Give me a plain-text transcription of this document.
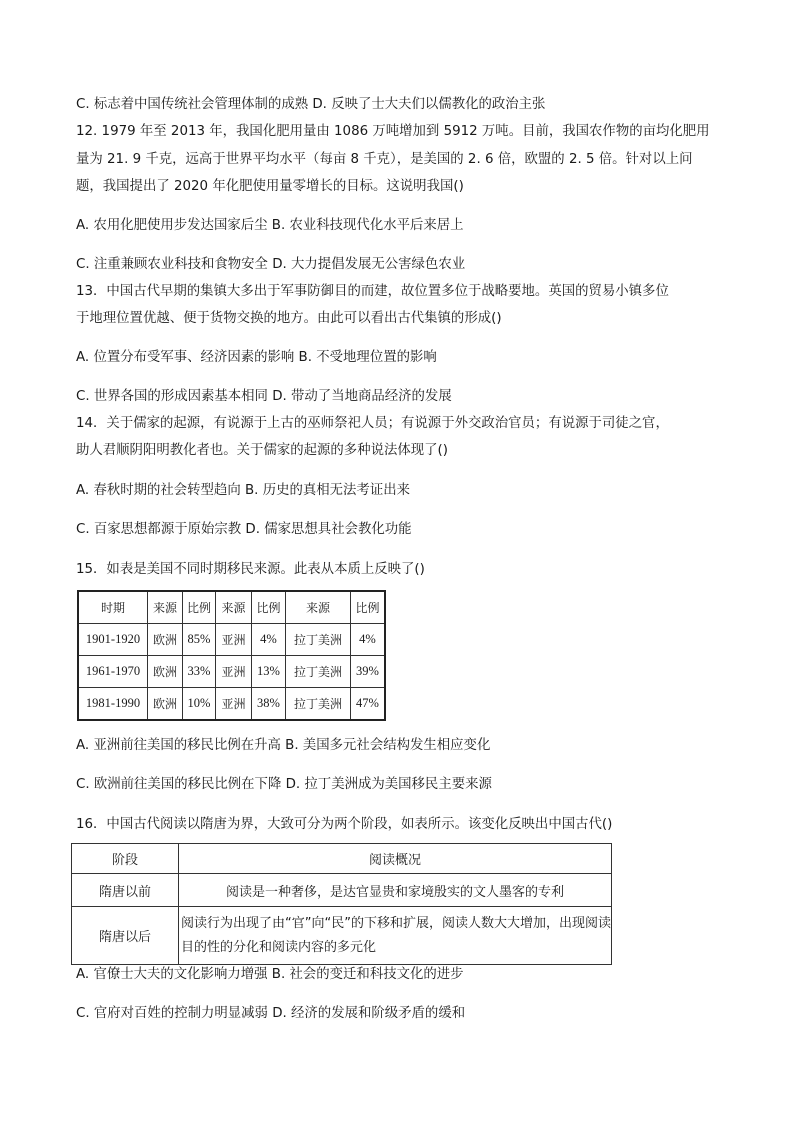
C. 标志着中国传统社会管理体制的成熟 D. 反映了士大夫们以儒教化的政治主张
12. 1979 年至 2013 年，我国化肥用量由 1086 万吨增加到 5912 万吨。目前，我国农作物的亩均化肥用
量为 21. 9 千克，远高于世界平均水平（每亩 8 千克），是美国的 2. 6 倍，欧盟的 2. 5 倍。针对以上问
题，我国提出了 2020 年化肥使用量零增长的目标。这说明我国()
A. 农用化肥使用步发达国家后尘 B. 农业科技现代化水平后来居上
C. 注重兼顾农业科技和食物安全 D. 大力提倡发展无公害绿色农业
13．中国古代早期的集镇大多出于军事防御目的而建，故位置多位于战略要地。英国的贸易小镇多位
于地理位置优越、便于货物交换的地方。由此可以看出古代集镇的形成()
A. 位置分布受军事、经济因素的影响 B. 不受地理位置的影响
C. 世界各国的形成因素基本相同 D. 带动了当地商品经济的发展
14．关于儒家的起源，有说源于上古的巫师祭祀人员；有说源于外交政治官员；有说源于司徒之官，
助人君顺阴阳明教化者也。关于儒家的起源的多种说法体现了()
A. 春秋时期的社会转型趋向 B. 历史的真相无法考证出来
C. 百家思想都源于原始宗教 D. 儒家思想具社会教化功能
15．如表是美国不同时期移民来源。此表从本质上反映了()
时期	来源	比例	来源	比例	来源	比例
1901-1920	欧洲	85%	亚洲	4%	拉丁美洲	4%
1961-1970	欧洲	33%	亚洲	13%	拉丁美洲	39%
1981-1990	欧洲	10%	亚洲	38%	拉丁美洲	47%
A. 亚洲前往美国的移民比例在升高 B. 美国多元社会结构发生相应变化
C. 欧洲前往美国的移民比例在下降 D. 拉丁美洲成为美国移民主要来源
16．中国古代阅读以隋唐为界，大致可分为两个阶段，如表所示。该变化反映出中国古代()
阶段	阅读概况
隋唐以前	阅读是一种奢侈，是达官显贵和家境殷实的文人墨客的专利
隋唐以后	阅读行为出现了由“官”向“民”的下移和扩展，阅读人数大大增加，出现阅读目的性的分化和阅读内容的多元化
A. 官僚士大夫的文化影响力增强 B. 社会的变迁和科技文化的进步
C. 官府对百姓的控制力明显减弱 D. 经济的发展和阶级矛盾的缓和
